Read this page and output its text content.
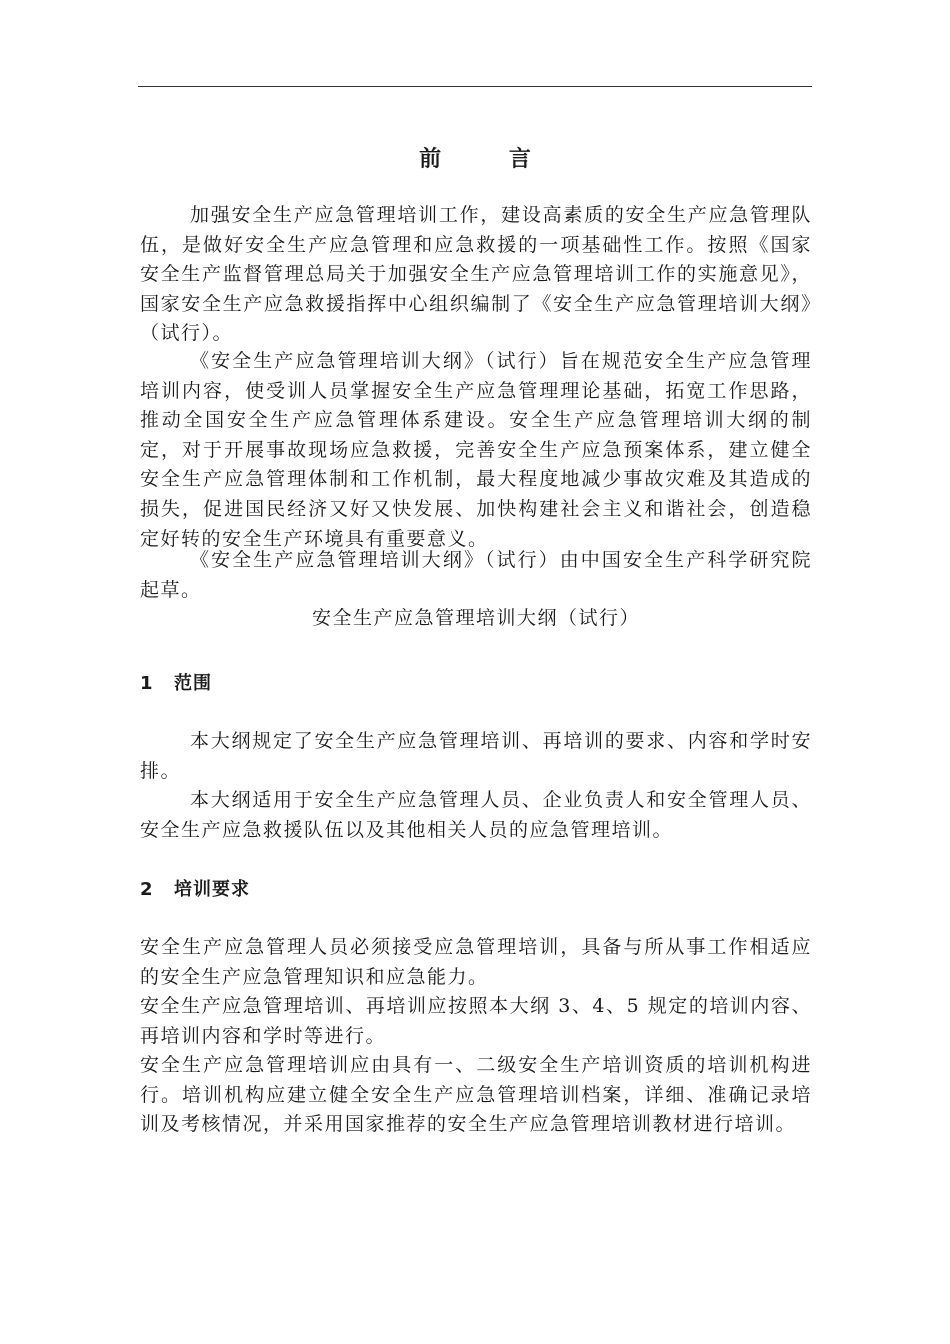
前 言

加强安全生产应急管理培训工作，建设高素质的安全生产应急管理队伍，是做好安全生产应急管理和应急救援的一项基础性工作。按照《国家安全生产监督管理总局关于加强安全生产应急管理培训工作的实施意见》，国家安全生产应急救援指挥中心组织编制了《安全生产应急管理培训大纲》（试行）。

《安全生产应急管理培训大纲》（试行）旨在规范安全生产应急管理培训内容，使受训人员掌握安全生产应急管理理论基础，拓宽工作思路，推动全国安全生产应急管理体系建设。安全生产应急管理培训大纲的制定，对于开展事故现场应急救援，完善安全生产应急预案体系，建立健全安全生产应急管理体制和工作机制，最大程度地减少事故灾难及其造成的损失，促进国民经济又好又快发展、加快构建社会主义和谐社会，创造稳定好转的安全生产环境具有重要意义。

《安全生产应急管理培训大纲》（试行）由中国安全生产科学研究院起草。

安全生产应急管理培训大纲（试行）
1 范围

本大纲规定了安全生产应急管理培训、再培训的要求、内容和学时安排。

本大纲适用于安全生产应急管理人员、企业负责人和安全管理人员、安全生产应急救援队伍以及其他相关人员的应急管理培训。

2 培训要求

安全生产应急管理人员必须接受应急管理培训，具备与所从事工作相适应的安全生产应急管理知识和应急能力。

安全生产应急管理培训、再培训应按照本大纲 3、4、5 规定的培训内容、再培训内容和学时等进行。

安全生产应急管理培训应由具有一、二级安全生产培训资质的培训机构进行。培训机构应建立健全安全生产应急管理培训档案，详细、准确记录培训及考核情况，并采用国家推荐的安全生产应急管理培训教材进行培训。
